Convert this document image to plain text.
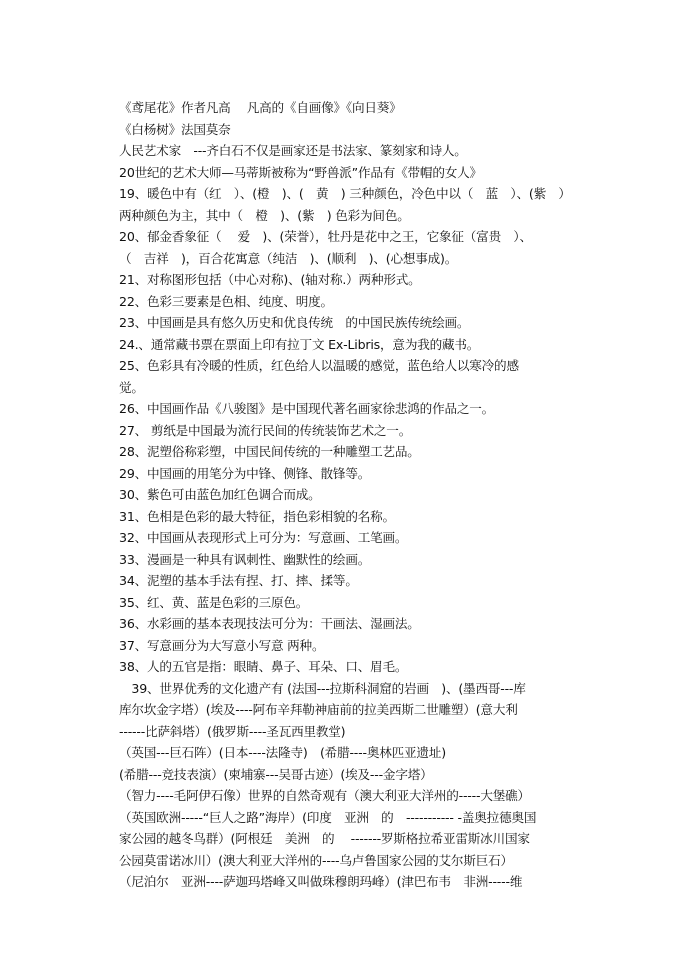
《鸢尾花》作者凡高　 凡高的《自画像》《向日葵》
《白杨树》法国莫奈
人民艺术家　---齐白石不仅是画家还是书法家、篆刻家和诗人。
20世纪的艺术大师—马蒂斯被称为“野兽派”作品有《带帽的女人》
19、暖色中有（红　）、(橙　)、(　黄　) 三种颜色，冷色中以（　蓝　）、(紫　）
两种颜色为主，其中（　橙　)、(紫　) 色彩为间色。
20、郁金香象征（　 爱　)、(荣誉），牡丹是花中之王，它象征（富贵　）、
（　吉祥　)，百合花寓意（纯洁　)、(顺利　)、(心想事成)。
21、对称图形包括（中心对称)、(轴对称.）两种形式。
22、色彩三要素是色相、纯度、明度。
23、中国画是具有悠久历史和优良传统　的中国民族传统绘画。
24.、通常藏书票在票面上印有拉丁文 Ex-Libris，意为我的藏书。
25、色彩具有冷暖的性质，红色给人以温暖的感觉，蓝色给人以寒冷的感
觉。
26、中国画作品《八骏图》是中国现代著名画家徐悲鸿的作品之一。
27、 剪纸是中国最为流行民间的传统装饰艺术之一。
28、泥塑俗称彩塑，中国民间传统的一种雕塑工艺品。
29、中国画的用笔分为中锋、侧锋、散锋等。
30、紫色可由蓝色加红色调合而成。
31、色相是色彩的最大特征，指色彩相貌的名称。
32、中国画从表现形式上可分为：写意画、工笔画。
33、漫画是一种具有讽刺性、幽默性的绘画。
34、泥塑的基本手法有捏、打、摔、揉等。
35、红、黄、蓝是色彩的三原色。
36、水彩画的基本表现技法可分为：干画法、湿画法。
37、写意画分为大写意小写意 两种。
38、人的五官是指：眼睛、鼻子、耳朵、口、眉毛。
　39、世界优秀的文化遗产有 (法国---拉斯科洞窟的岩画　)、(墨西哥---库
库尔坎金字塔）(埃及----阿布辛拜勒神庙前的拉美西斯二世雕塑）(意大利
------比萨斜塔）(俄罗斯----圣瓦西里教堂)
（英国---巨石阵）(日本----法隆寺)　(希腊----奥林匹亚遗址)
(希腊---竞技表演）(柬埔寨---吴哥古迹）(埃及---金字塔）
（智力----毛阿伊石像）世界的自然奇观有（澳大利亚大洋州的-----大堡礁）
（英国欧洲-----“巨人之路”海岸）(印度　亚洲　的　----------- -盖奥拉德奥国
家公园的越冬鸟群）(阿根廷　美洲　的　 -------罗斯格拉希亚雷斯冰川国家
公园莫雷诺冰川）(澳大利亚大洋州的----乌卢鲁国家公园的艾尔斯巨石）
（尼泊尔　亚洲----萨迦玛塔峰又叫做珠穆朗玛峰）(津巴布韦　非洲-----维
